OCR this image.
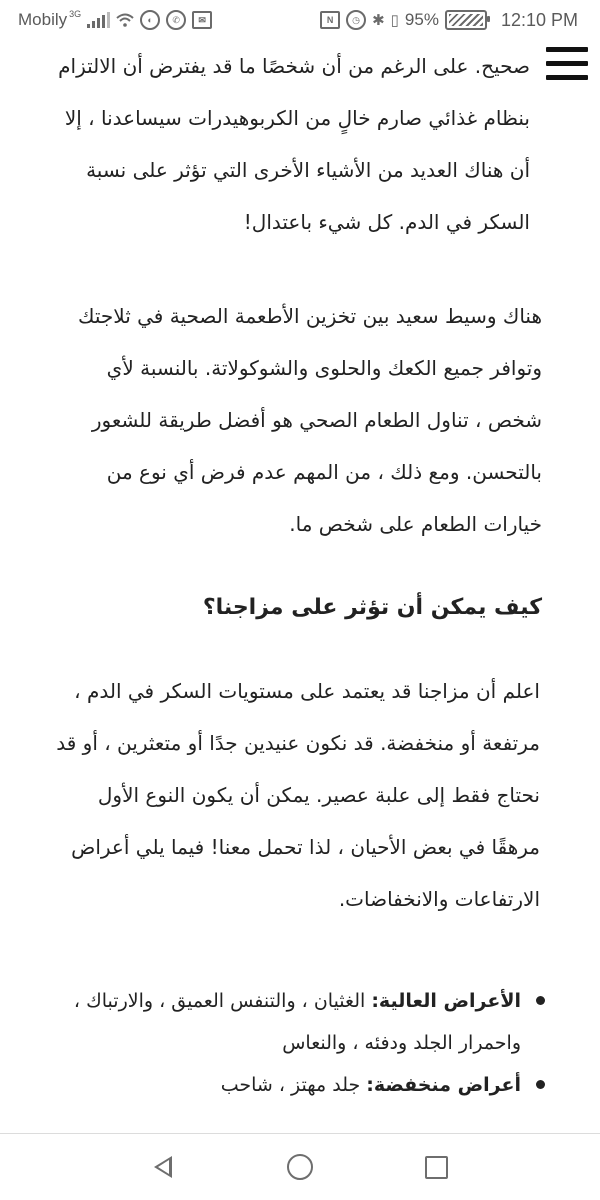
Mobily 3G
◐	✆	✉	N	◷ ✱ ▯ 95%	12:10 PM

صحيح. على الرغم من أن شخصًا ما قد يفترض أن الالتزام بنظام غذائي صارم خالٍ من الكربوهيدرات سيساعدنا ، إلا أن هناك العديد من الأشياء الأخرى التي تؤثر على نسبة السكر في الدم. كل شيء باعتدال!

هناك وسيط سعيد بين تخزين الأطعمة الصحية في ثلاجتك وتوافر جميع الكعك والحلوى والشوكولاتة. بالنسبة لأي شخص ، تناول الطعام الصحي هو أفضل طريقة للشعور بالتحسن. ومع ذلك ، من المهم عدم فرض أي نوع من خيارات الطعام على شخص ما.

كيف يمكن أن تؤثر على مزاجنا؟

اعلم أن مزاجنا قد يعتمد على مستويات السكر في الدم ، مرتفعة أو منخفضة. قد نكون عنيدين جدًا أو متعثرين ، أو قد نحتاج فقط إلى علبة عصير. يمكن أن يكون النوع الأول مرهقًا في بعض الأحيان ، لذا تحمل معنا! فيما يلي أعراض الارتفاعات والانخفاضات.

الأعراض العالية: الغثيان ، والتنفس العميق ، والارتباك ، واحمرار الجلد ودفئه ، والنعاس
أعراض منخفضة: جلد مهتز ، شاحب
